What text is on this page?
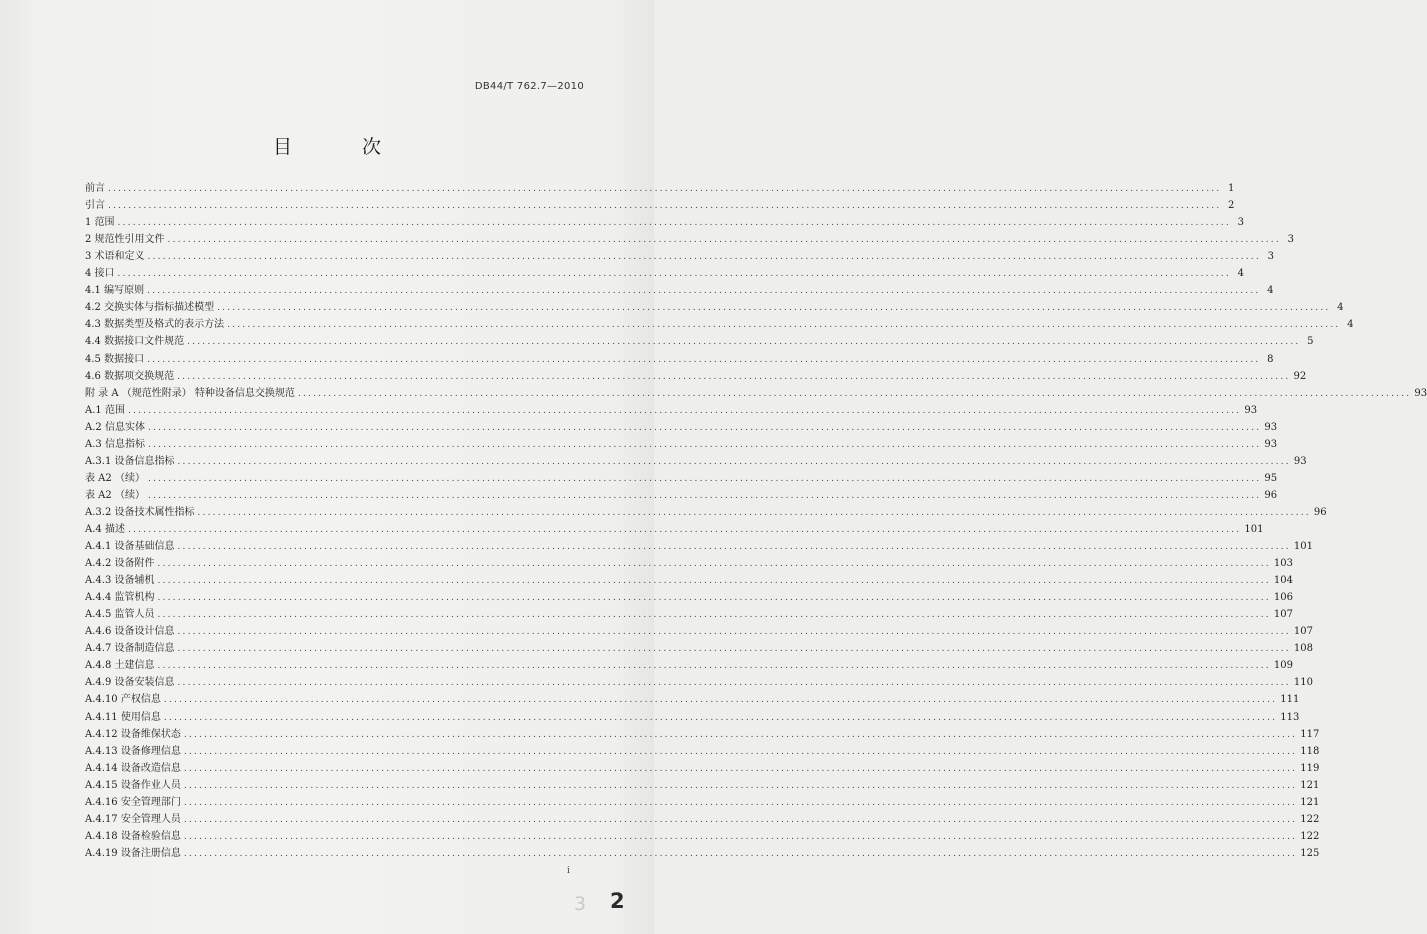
DB44/T 762.7—2010
目 次
前言 ............................................................................................................................................................................................................................ 1
引言 ............................................................................................................................................................................................................................ 2
1 范围 ............................................................................................................................................................................................................................ 3
2 规范性引用文件 ............................................................................................................................................................................................................................ 3
3 术语和定义 ............................................................................................................................................................................................................................ 3
4 接口 ............................................................................................................................................................................................................................ 4
4.1 编写原则 ............................................................................................................................................................................................................................ 4
4.2 交换实体与指标描述模型 ............................................................................................................................................................................................................................ 4
4.3 数据类型及格式的表示方法 ............................................................................................................................................................................................................................ 4
4.4 数据接口文件规范 ............................................................................................................................................................................................................................ 5
4.5 数据接口 ............................................................................................................................................................................................................................ 8
4.6 数据项交换规范 ............................................................................................................................................................................................................................ 92
附 录 A （规范性附录） 特种设备信息交换规范 ............................................................................................................................................................................................................................ 93
A.1 范围 ............................................................................................................................................................................................................................ 93
A.2 信息实体 ............................................................................................................................................................................................................................ 93
A.3 信息指标 ............................................................................................................................................................................................................................ 93
A.3.1 设备信息指标 ............................................................................................................................................................................................................................ 93
表 A2 （续） ............................................................................................................................................................................................................................ 95
表 A2 （续） ............................................................................................................................................................................................................................ 96
A.3.2 设备技术属性指标 ............................................................................................................................................................................................................................ 96
A.4 描述 ............................................................................................................................................................................................................................ 101
A.4.1 设备基础信息 ............................................................................................................................................................................................................................ 101
A.4.2 设备附件 ............................................................................................................................................................................................................................ 103
A.4.3 设备辅机 ............................................................................................................................................................................................................................ 104
A.4.4 监管机构 ............................................................................................................................................................................................................................ 106
A.4.5 监管人员 ............................................................................................................................................................................................................................ 107
A.4.6 设备设计信息 ............................................................................................................................................................................................................................ 107
A.4.7 设备制造信息 ............................................................................................................................................................................................................................ 108
A.4.8 土建信息 ............................................................................................................................................................................................................................ 109
A.4.9 设备安装信息 ............................................................................................................................................................................................................................ 110
A.4.10 产权信息 ............................................................................................................................................................................................................................ 111
A.4.11 使用信息 ............................................................................................................................................................................................................................ 113
A.4.12 设备维保状态 ............................................................................................................................................................................................................................ 117
A.4.13 设备修理信息 ............................................................................................................................................................................................................................ 118
A.4.14 设备改造信息 ............................................................................................................................................................................................................................ 119
A.4.15 设备作业人员 ............................................................................................................................................................................................................................ 121
A.4.16 安全管理部门 ............................................................................................................................................................................................................................ 121
A.4.17 安全管理人员 ............................................................................................................................................................................................................................ 122
A.4.18 设备检验信息 ............................................................................................................................................................................................................................ 122
A.4.19 设备注册信息 ............................................................................................................................................................................................................................ 125
i
3 2
